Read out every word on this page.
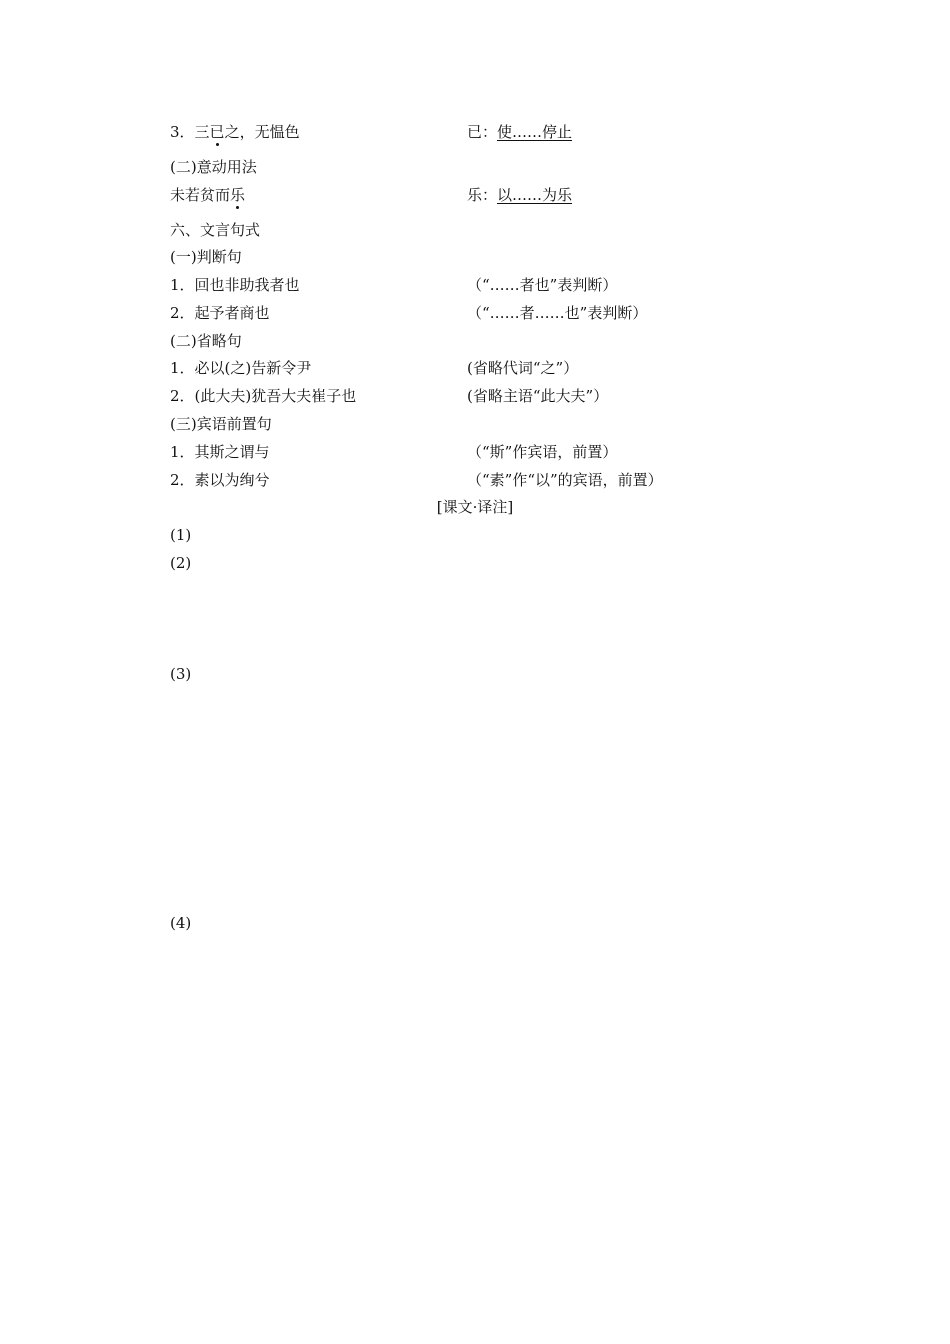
3．三已之，无愠色	已：使……停止
(二)意动用法
未若贫而乐	乐：以……为乐
六、文言句式
(一)判断句
1．回也非助我者也	（“……者也”表判断）
2．起予者商也	（“……者……也”表判断）
(二)省略句
1．必以(之)告新令尹	(省略代词“之”）
2．(此大夫)犹吾大夫崔子也	(省略主语“此大夫”）
(三)宾语前置句
1．其斯之谓与	（“斯”作宾语，前置）
2．素以为绚兮	（“素”作“以”的宾语，前置）
[课文·译注]
(1)
(2)
(3)
(4)
